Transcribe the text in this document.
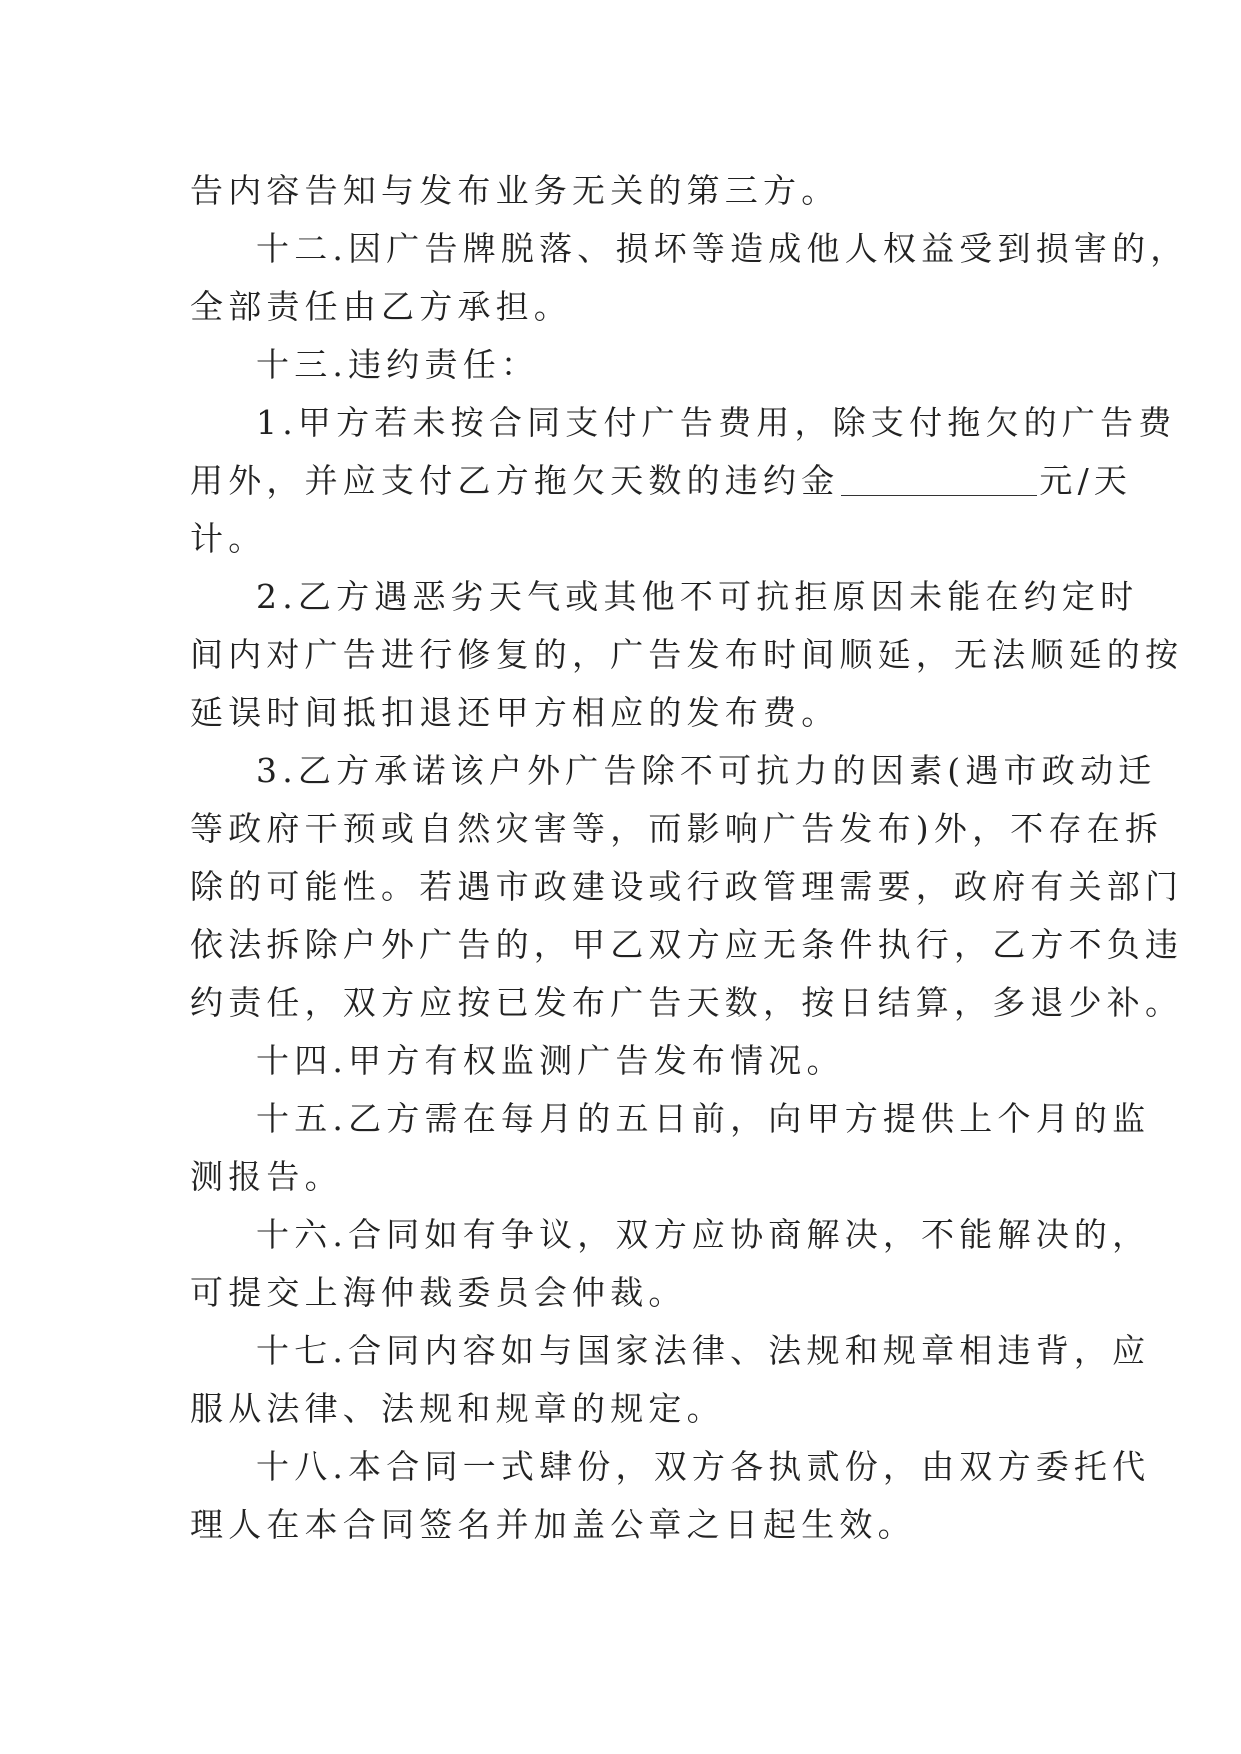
告内容告知与发布业务无关的第三方。
十二.因广告牌脱落、损坏等造成他人权益受到损害的，
全部责任由乙方承担。
十三.违约责任：
1.甲方若未按合同支付广告费用，除支付拖欠的广告费
用外，并应支付乙方拖欠天数的违约金	元/天
计。
2.乙方遇恶劣天气或其他不可抗拒原因未能在约定时
间内对广告进行修复的，广告发布时间顺延，无法顺延的按
延误时间抵扣退还甲方相应的发布费。
3.乙方承诺该户外广告除不可抗力的因素(遇市政动迁
等政府干预或自然灾害等，而影响广告发布)外，不存在拆
除的可能性。若遇市政建设或行政管理需要，政府有关部门
依法拆除户外广告的，甲乙双方应无条件执行，乙方不负违
约责任，双方应按已发布广告天数，按日结算，多退少补。
十四.甲方有权监测广告发布情况。
十五.乙方需在每月的五日前，向甲方提供上个月的监
测报告。
十六.合同如有争议，双方应协商解决，不能解决的，
可提交上海仲裁委员会仲裁。
十七.合同内容如与国家法律、法规和规章相违背，应
服从法律、法规和规章的规定。
十八.本合同一式肆份，双方各执贰份，由双方委托代
理人在本合同签名并加盖公章之日起生效。
